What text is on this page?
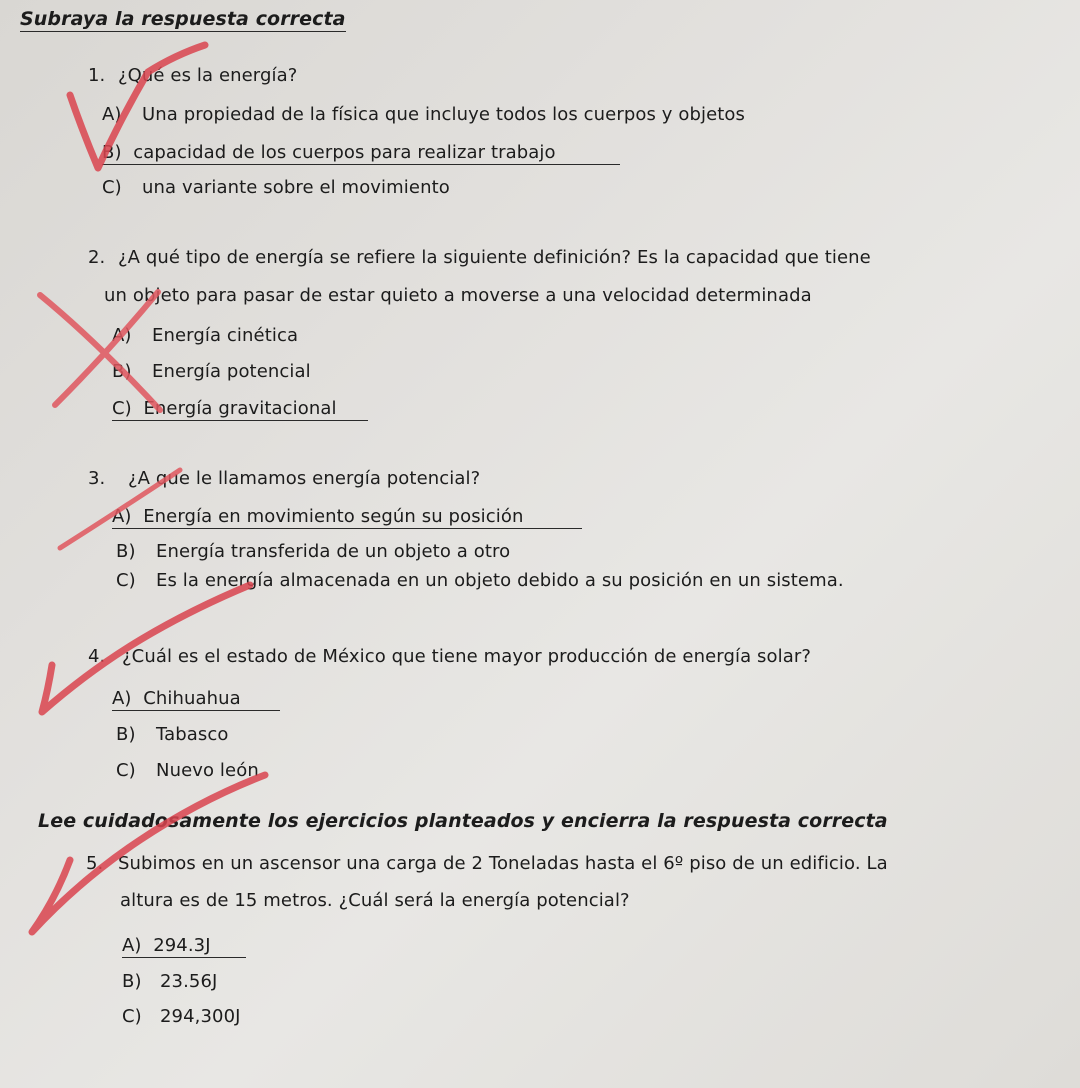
Subraya la respuesta correcta
1. ¿Qué es la energía?
A) Una propiedad de la física que incluye todos los cuerpos y objetos
B) capacidad de los cuerpos para realizar trabajo
C) una variante sobre el movimiento
2. ¿A qué tipo de energía se refiere la siguiente definición? Es la capacidad que tiene
un objeto para pasar de estar quieto a moverse a una velocidad determinada
A) Energía cinética
B) Energía potencial
C) Energía gravitacional
3. ¿A que le llamamos energía potencial?
A) Energía en movimiento según su posición
B) Energía transferida de un objeto a otro
C) Es la energía almacenada en un objeto debido a su posición en un sistema.
4. ¿Cuál es el estado de México que tiene mayor producción de energía solar?
A) Chihuahua
B) Tabasco
C) Nuevo león
Lee cuidadosamente los ejercicios planteados y encierra la respuesta correcta
5. Subimos en un ascensor una carga de 2 Toneladas hasta el 6º piso de un edificio. La
altura es de 15 metros. ¿Cuál será la energía potencial?
A) 294.3J
B) 23.56J
C) 294,300J
